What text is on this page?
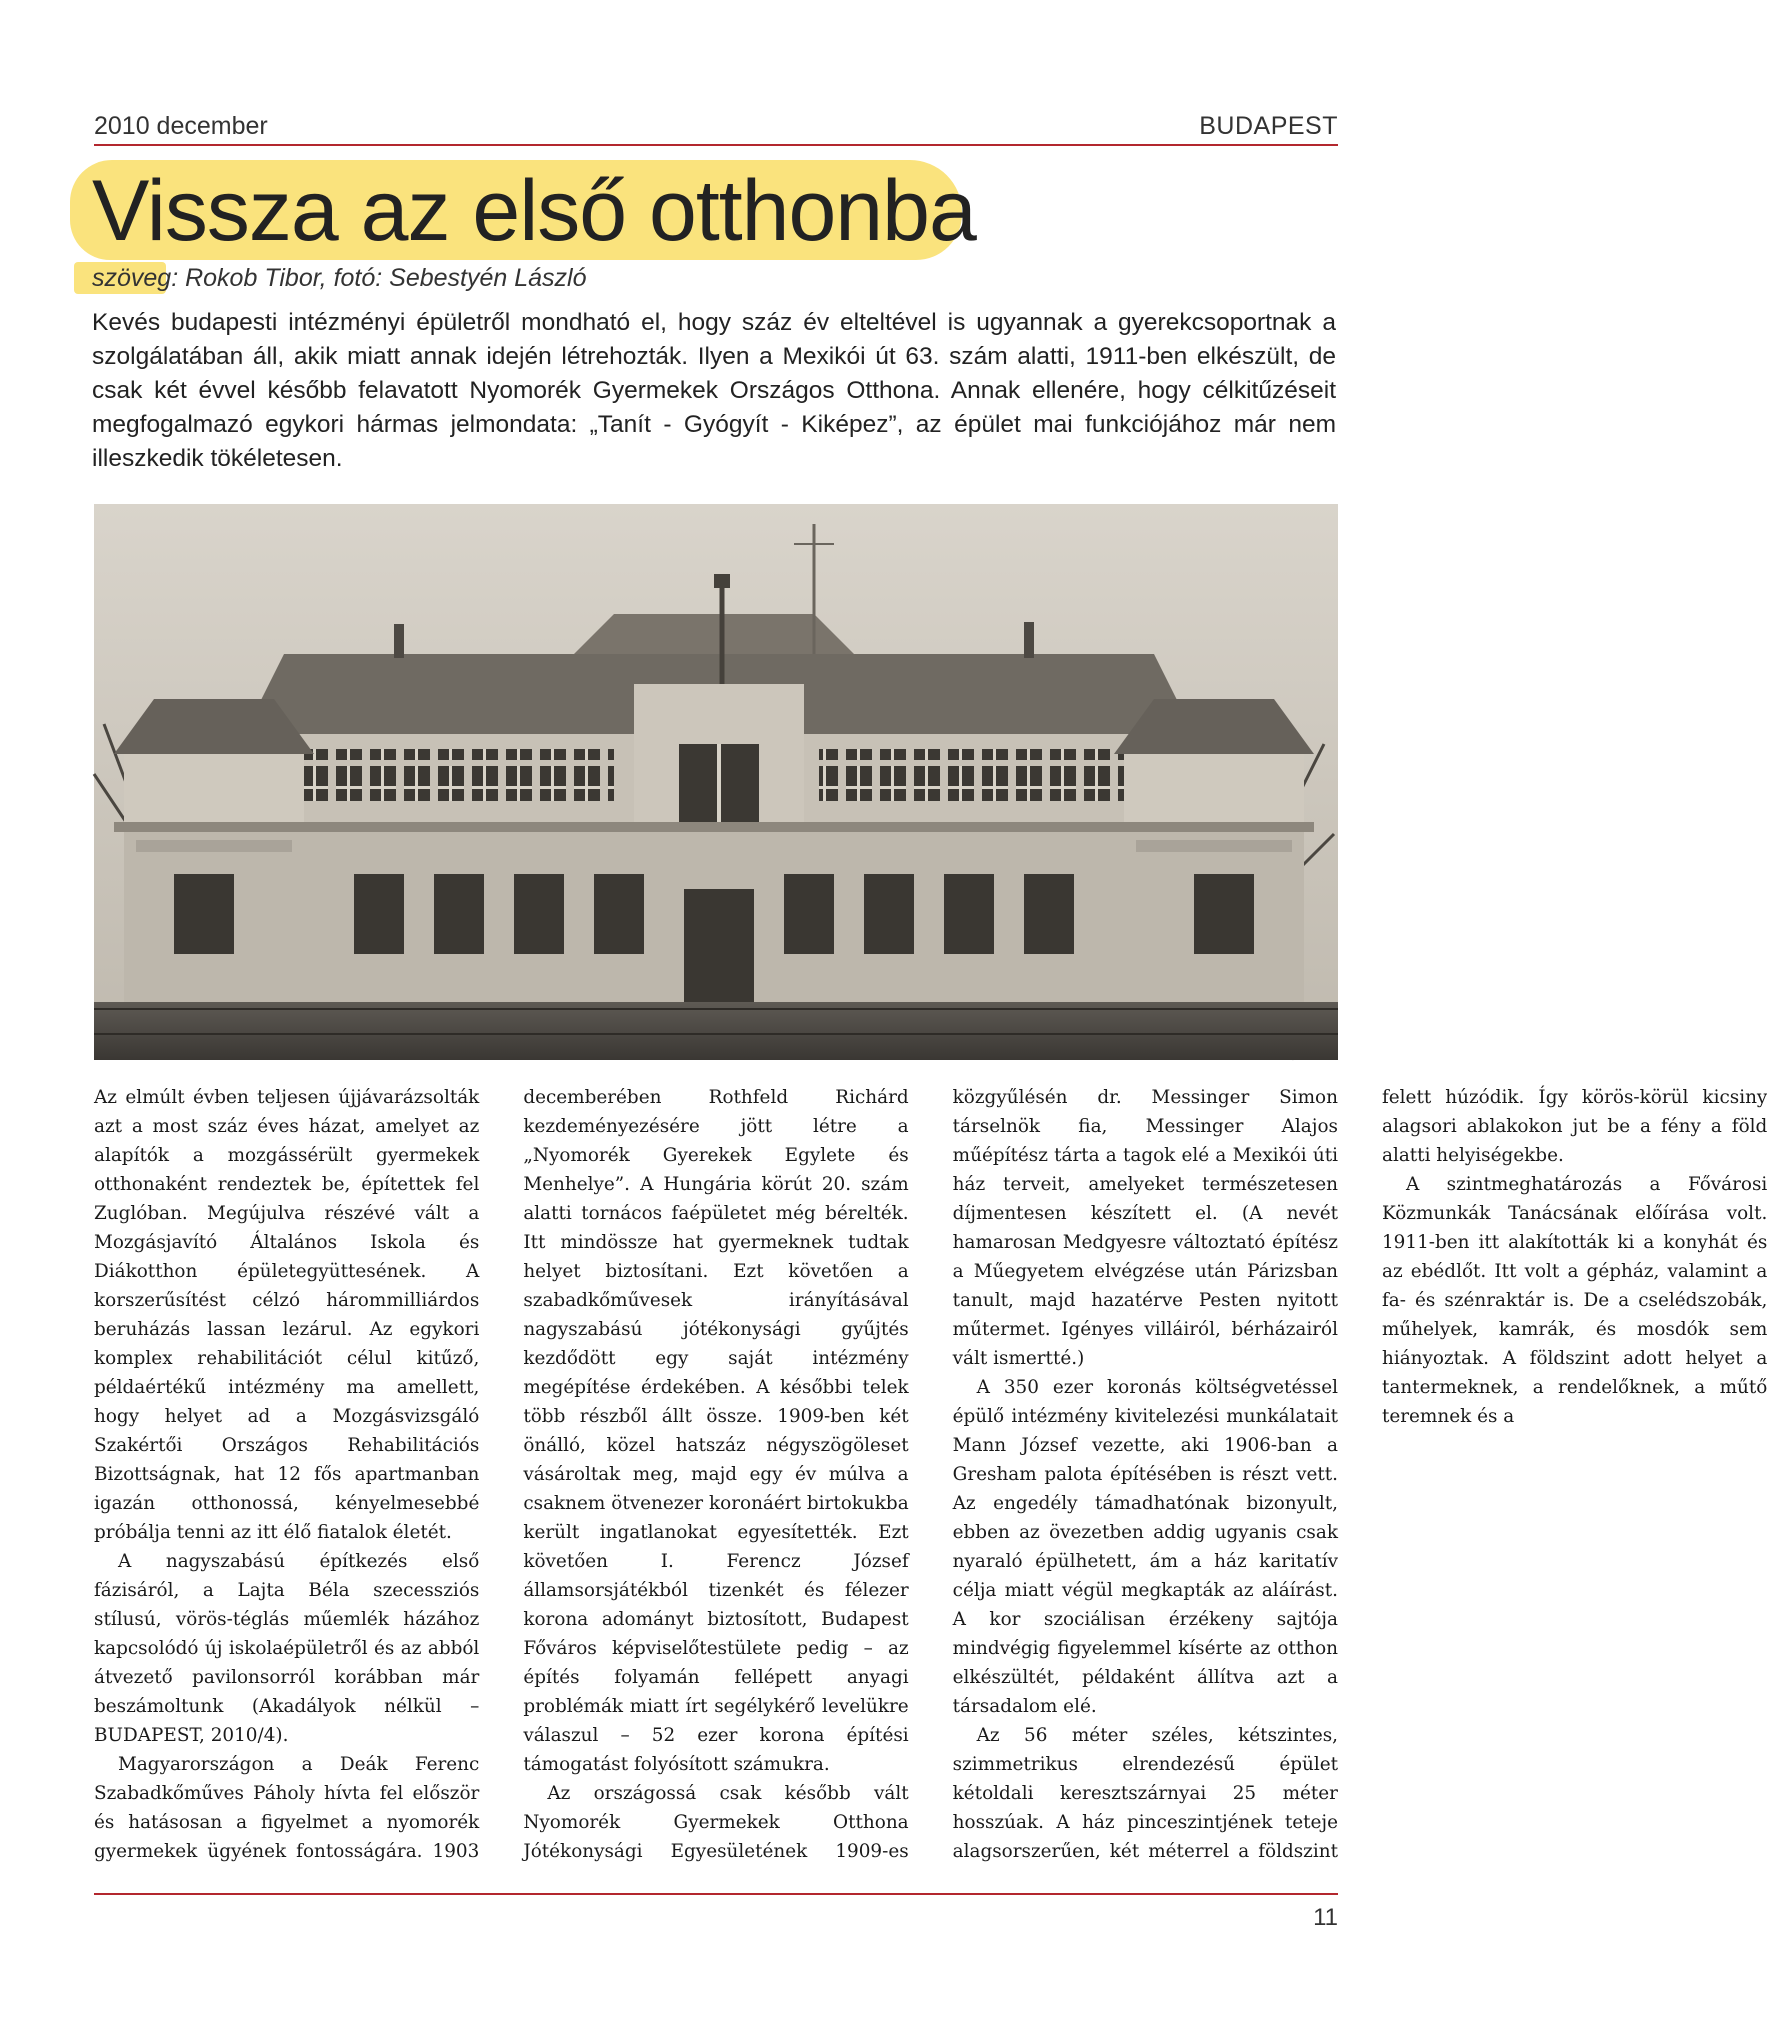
2010 december	BUDAPEST
Vissza az első otthonba
szöveg: Rokob Tibor, fotó: Sebestyén László

Kevés budapesti intézményi épületről mondható el, hogy száz év elteltével is ugyannak a gyerekcsoportnak a szolgálatában áll, akik miatt annak idején létrehozták. Ilyen a Mexikói út 63. szám alatti, 1911-ben elkészült, de csak két évvel később felavatott Nyomorék Gyermekek Országos Otthona. Annak ellenére, hogy célkitűzéseit megfogalmazó egykori hármas jelmondata: „Tanít - Gyógyít - Kiképez”, az épület mai funkciójához már nem illeszkedik tökéletesen.

Az elmúlt évben teljesen újjávarázsolták azt a most száz éves házat, amelyet az alapítók a mozgássérült gyermekek otthonaként rendeztek be, építettek fel Zuglóban. Megújulva részévé vált a Mozgásjavító Általános Iskola és Diákotthon épületegyüttesének. A korszerűsítést célzó hárommilliárdos beruházás lassan lezárul. Az egykori komplex rehabilitációt célul kitűző, példaértékű intézmény ma amellett, hogy helyet ad a Mozgásvizsgáló Szakértői Országos Rehabilitációs Bizottságnak, hat 12 fős apartmanban igazán otthonossá, kényelmesebbé próbálja tenni az itt élő fiatalok életét.

A nagyszabású építkezés első fázisáról, a Lajta Béla szecessziós stílusú, vörös-téglás műemlék házához kapcsolódó új iskolaépületről és az abból átvezető pavilonsorról korábban már beszámoltunk (Akadályok nélkül – BUDAPEST, 2010/4).

Magyarországon a Deák Ferenc Szabadkőműves Páholy hívta fel először és hatásosan a figyelmet a nyomorék gyermekek ügyének fontosságára. 1903 decemberében Rothfeld Richárd kezdeményezésére jött létre a „Nyomorék Gyerekek Egylete és Menhelye”. A Hungária körút 20. szám alatti tornácos faépületet még bérelték. Itt mindössze hat gyermeknek tudtak helyet biztosítani. Ezt követően a szabadkőművesek irányításával nagyszabású jótékonysági gyűjtés kezdődött egy saját intézmény megépítése érdekében. A későbbi telek több részből állt össze. 1909-ben két önálló, közel hatszáz négyszögöleset vásároltak meg, majd egy év múlva a csaknem ötvenezer koronáért birtokukba került ingatlanokat egyesítették. Ezt követően I. Ferencz József államsorsjátékból tizenkét és félezer korona adományt biztosított, Budapest Főváros képviselőtestülete pedig – az építés folyamán fellépett anyagi problémák miatt írt segélykérő levelükre válaszul – 52 ezer korona építési támogatást folyósított számukra.

Az országossá csak később vált Nyomorék Gyermekek Otthona Jótékonysági Egyesületének 1909-es közgyűlésén dr. Messinger Simon társelnök fia, Messinger Alajos műépítész tárta a tagok elé a Mexikói úti ház terveit, amelyeket természetesen díjmentesen készített el. (A nevét hamarosan Medgyesre változtató építész a Műegyetem elvégzése után Párizsban tanult, majd hazatérve Pesten nyitott műtermet. Igényes villáiról, bérházairól vált ismertté.)

A 350 ezer koronás költségvetéssel épülő intézmény kivitelezési munkálatait Mann József vezette, aki 1906-ban a Gresham palota építésében is részt vett. Az engedély támadhatónak bizonyult, ebben az övezetben addig ugyanis csak nyaraló épülhetett, ám a ház karitatív célja miatt végül megkapták az aláírást. A kor szociálisan érzékeny sajtója mindvégig figyelemmel kísérte az otthon elkészültét, példaként állítva azt a társadalom elé.

Az 56 méter széles, kétszintes, szimmetrikus elrendezésű épület kétoldali keresztszárnyai 25 méter hosszúak. A ház pinceszintjének teteje alagsorszerűen, két méterrel a földszint felett húzódik. Így körös-körül kicsiny alagsori ablakokon jut be a fény a föld alatti helyiségekbe.

A szintmeghatározás a Fővárosi Közmunkák Tanácsának előírása volt. 1911-ben itt alakították ki a konyhát és az ebédlőt. Itt volt a gépház, valamint a fa- és szénraktár is. De a cselédszobák, műhelyek, kamrák, és mosdók sem hiányoztak. A földszint adott helyet a tantermeknek, a rendelőknek, a műtő teremnek és a

11
